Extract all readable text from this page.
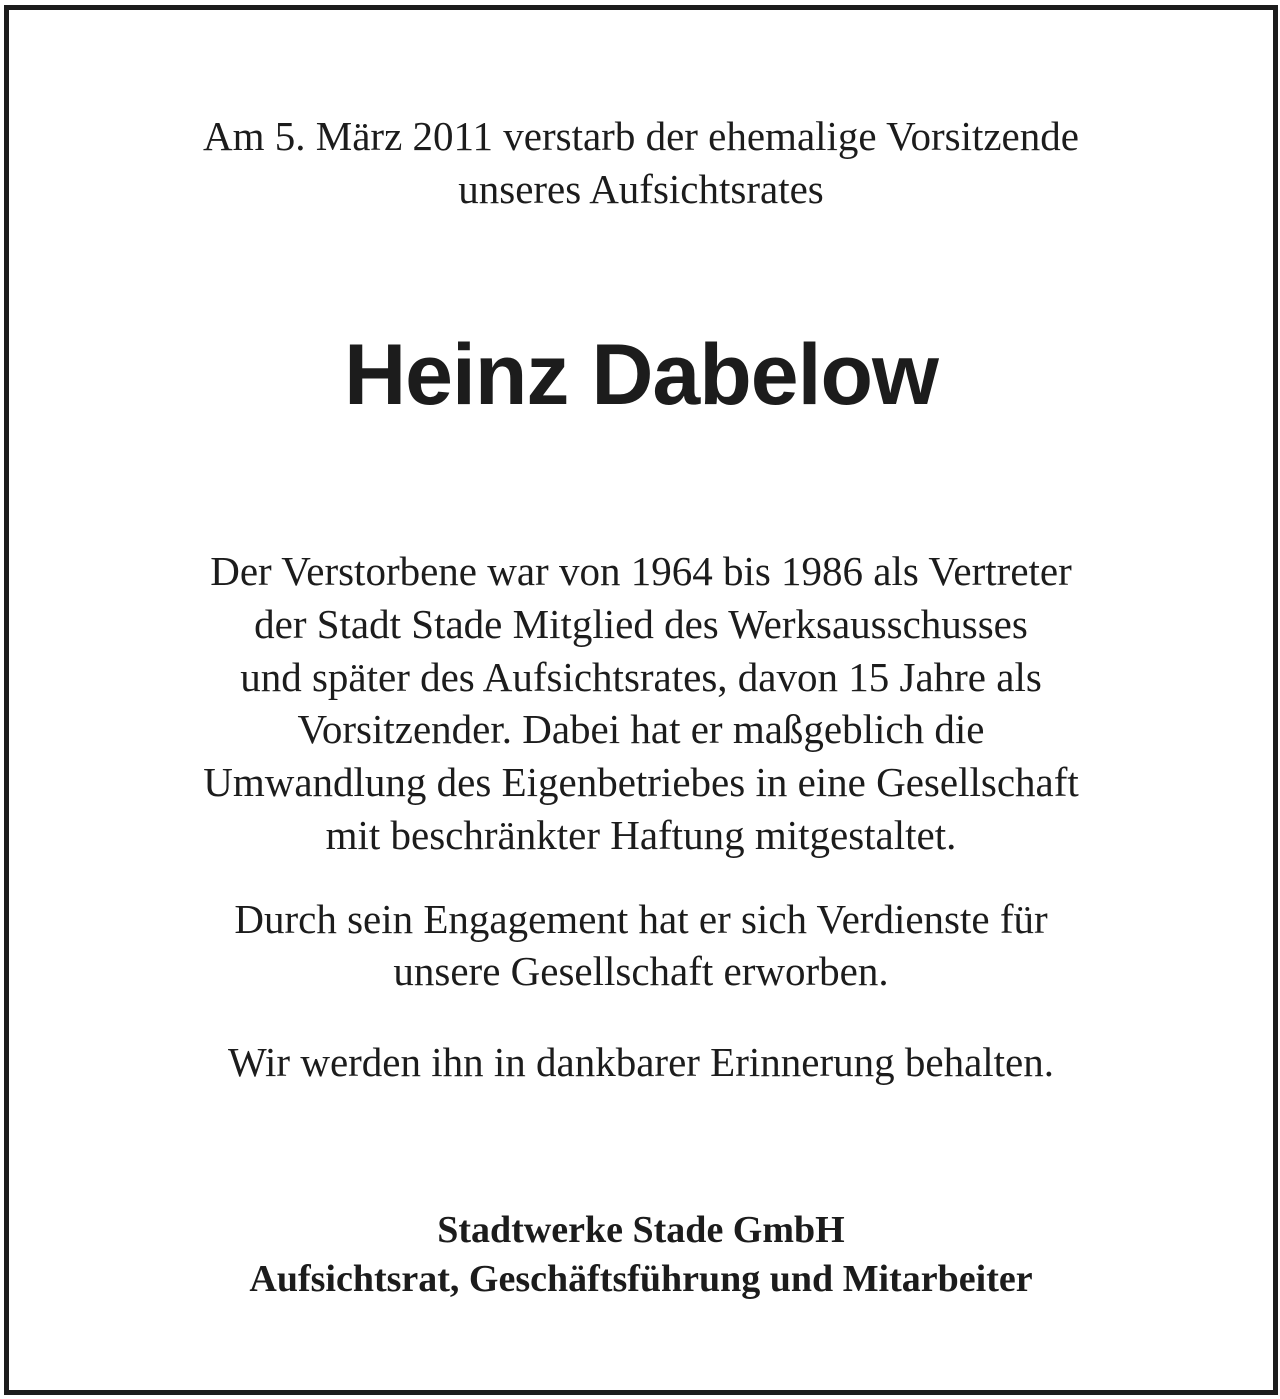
Am 5. März 2011 verstarb der ehemalige Vorsitzende
unseres Aufsichtsrates
Heinz Dabelow
Der Verstorbene war von 1964 bis 1986 als Vertreter
der Stadt Stade Mitglied des Werksausschusses
und später des Aufsichtsrates, davon 15 Jahre als
Vorsitzender. Dabei hat er maßgeblich die
Umwandlung des Eigenbetriebes in eine Gesellschaft
mit beschränkter Haftung mitgestaltet.
Durch sein Engagement hat er sich Verdienste für
unsere Gesellschaft erworben.
Wir werden ihn in dankbarer Erinnerung behalten.
Stadtwerke Stade GmbH
Aufsichtsrat, Geschäftsführung und Mitarbeiter
